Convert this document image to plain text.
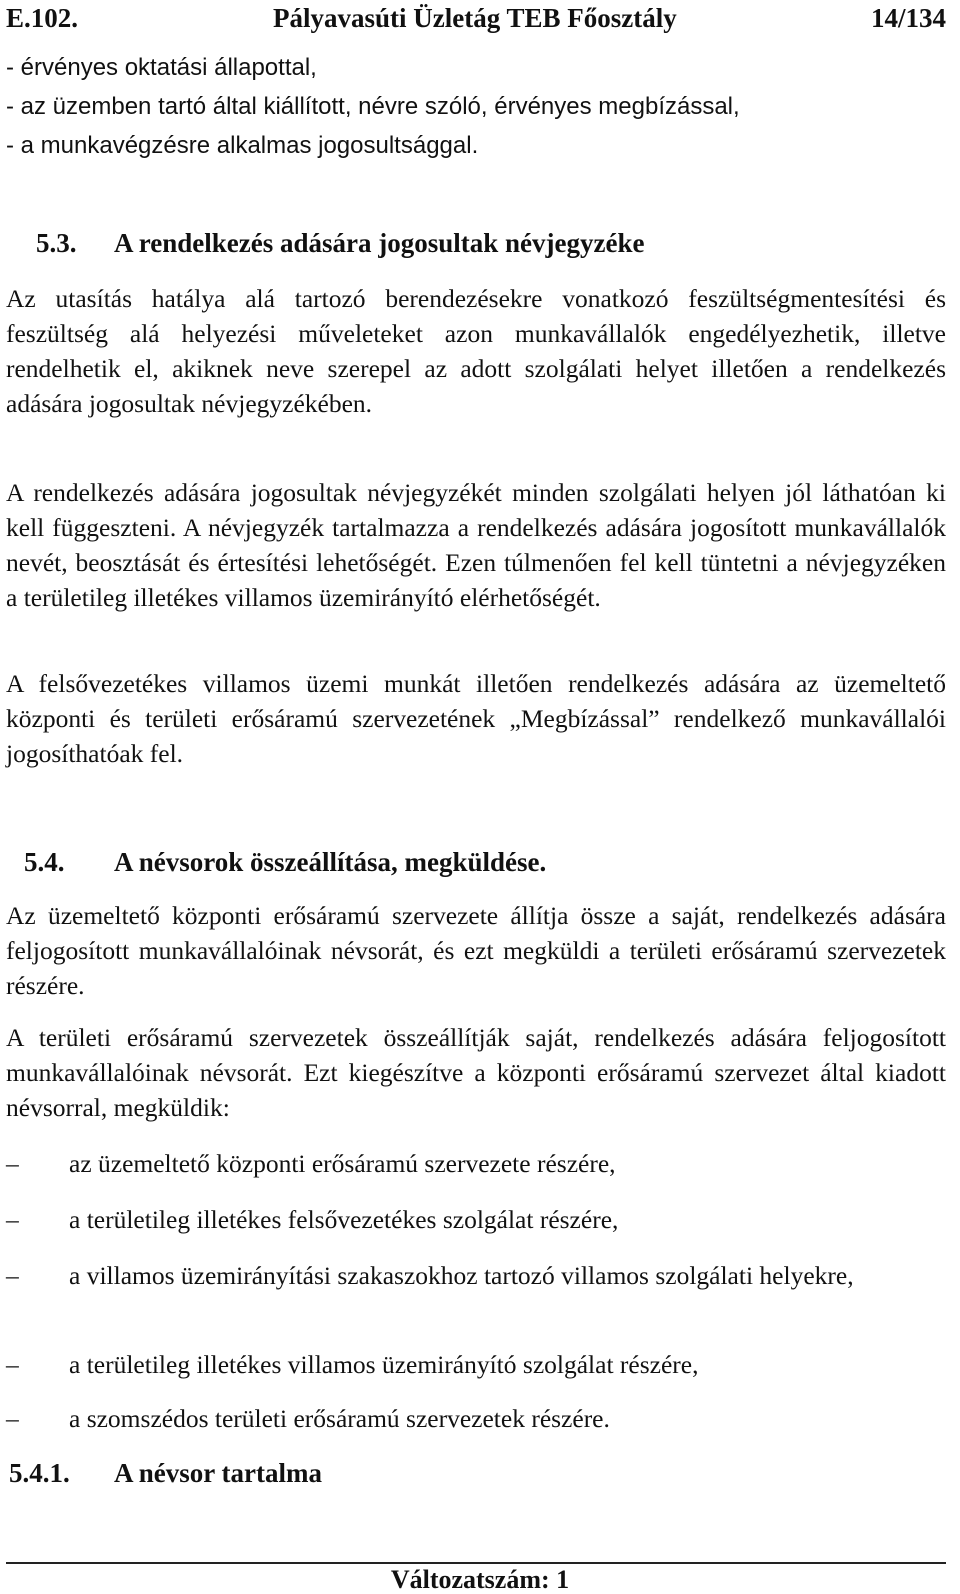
E.102.	Pályavasúti Üzletág TEB Főosztály	14/134

- érvényes oktatási állapottal,

- az üzemben tartó által kiállított, névre szóló, érvényes megbízással,

- a munkavégzésre alkalmas jogosultsággal.

5.3. A rendelkezés adására jogosultak névjegyzéke

Az utasítás hatálya alá tartozó berendezésekre vonatkozó feszültségmentesítési és feszültség alá helyezési műveleteket azon munkavállalók engedélyezhetik, illetve rendelhetik el, akiknek neve szerepel az adott szolgálati helyet illetően a rendelkezés adására jogosultak névjegyzékében.

A rendelkezés adására jogosultak névjegyzékét minden szolgálati helyen jól láthatóan ki kell függeszteni. A névjegyzék tartalmazza a rendelkezés adására jogosított munkavállalók nevét, beosztását és értesítési lehetőségét. Ezen túlmenően fel kell tüntetni a névjegyzéken a területileg illetékes villamos üzemirányító elérhetőségét.

A felsővezetékes villamos üzemi munkát illetően rendelkezés adására az üzemeltető központi és területi erősáramú szervezetének „Megbízással” rendelkező munkavállalói jogosíthatóak fel.

5.4. A névsorok összeállítása, megküldése.

Az üzemeltető központi erősáramú szervezete állítja össze a saját, rendelkezés adására feljogosított munkavállalóinak névsorát, és ezt megküldi a területi erősáramú szervezetek részére.

A területi erősáramú szervezetek összeállítják saját, rendelkezés adására feljogosított munkavállalóinak névsorát. Ezt kiegészítve a központi erősáramú szervezet által kiadott névsorral, megküldik:

–	az üzemeltető központi erősáramú szervezete részére,
–	a területileg illetékes felsővezetékes szolgálat részére,
–	a villamos üzemirányítási szakaszokhoz tartozó villamos szolgálati helyekre,
–	a területileg illetékes villamos üzemirányító szolgálat részére,
–	a szomszédos területi erősáramú szervezetek részére.
5.4.1. A névsor tartalma
Változatszám: 1
